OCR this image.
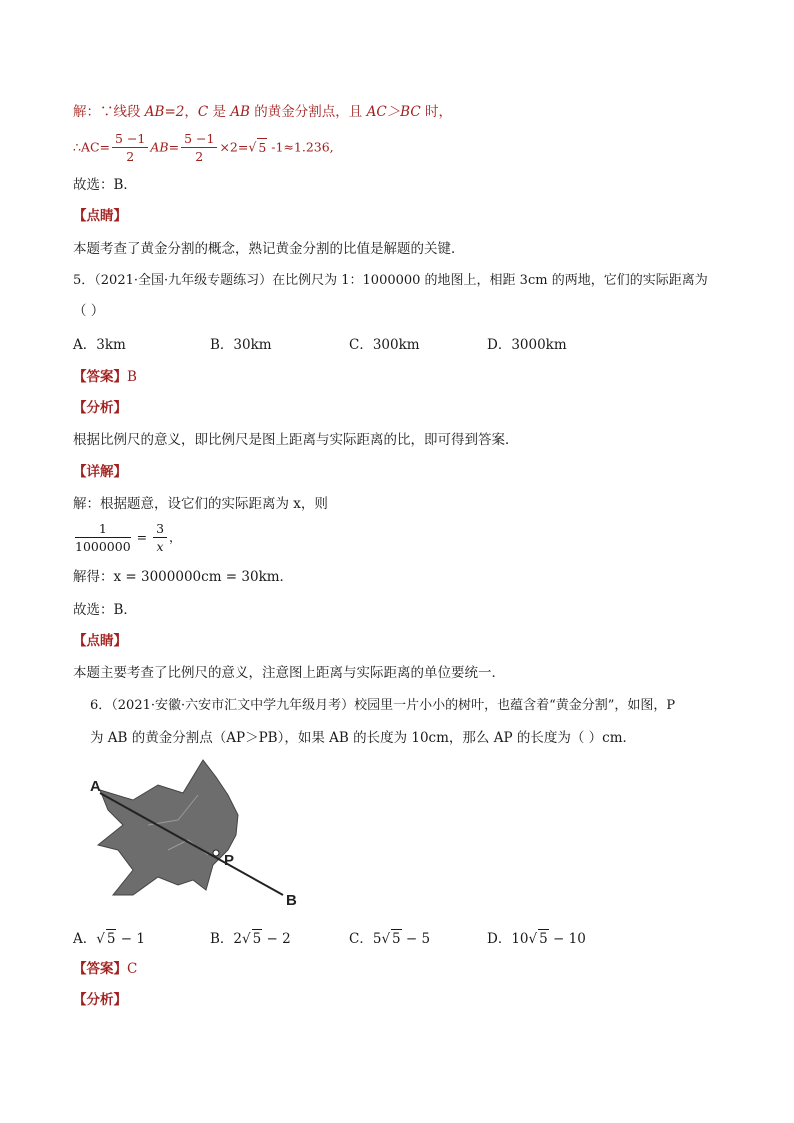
解：∵线段 AB=2，C 是 AB 的黄金分割点，且 AC＞BC 时，
∴AC= $\frac{5 -1}{2} AB= \frac{5 -1}{2} \times 2=√$ 5 -1≈1.236,
故选：B．
【点睛】
本题考查了黄金分割的概念，熟记黄金分割的比值是解题的关键．
5．（2021·全国·九年级专题练习）在比例尺为 1：1000000 的地图上，相距 3cm 的两地，它们的实际距离为
（ ）
A．3km	B．30km	C．300km	D．3000km
【答案】B
【分析】
根据比例尺的意义，即比例尺是图上距离与实际距离的比，即可得到答案．
【详解】
解：根据题意，设它们的实际距离为 x，则
$\frac{1}{1000000} = \frac{3}{x}$ ，
解得：x = 3000000cm = 30km．
故选：B．
【点睛】
本题主要考查了比例尺的意义，注意图上距离与实际距离的单位要统一．
6．（2021·安徽·六安市汇文中学九年级月考）校园里一片小小的树叶，也蕴含着“黄金分割”，如图，P
为 AB 的黄金分割点（AP＞PB），如果 AB 的长度为 10cm，那么 AP 的长度为（ ）cm．
A
P
B
A．√ 5 − 1	B．2√ 5 − 2	C．5√ 5 − 5	D．10√ 5 − 10
【答案】C
【分析】
